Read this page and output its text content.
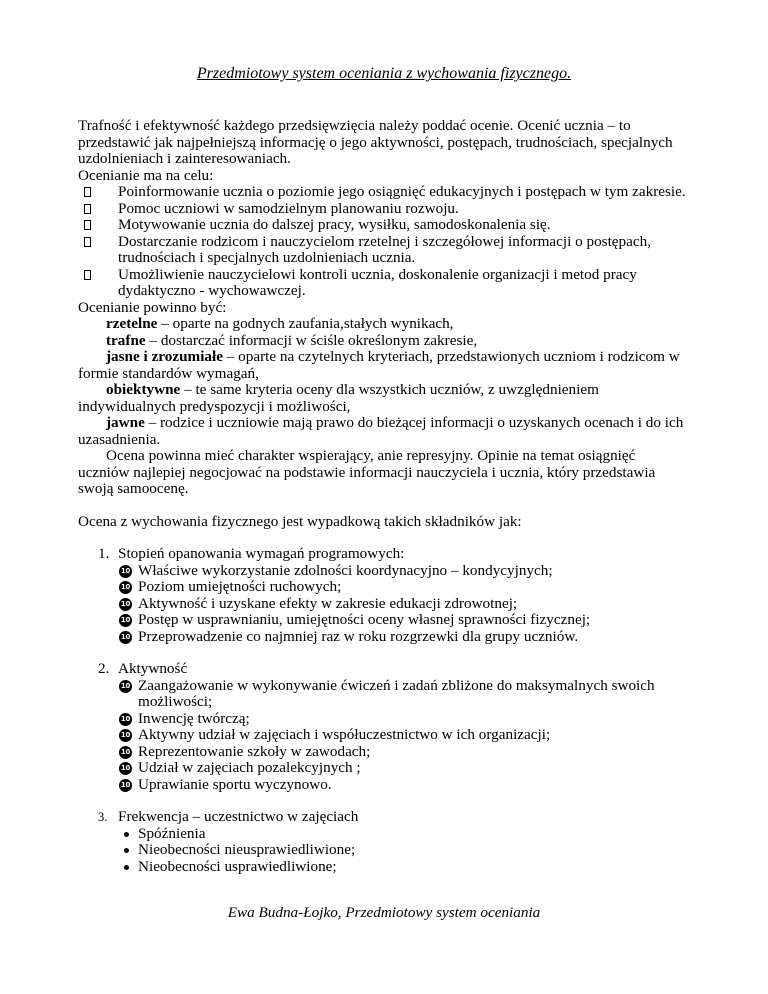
Przedmiotowy system oceniania z wychowania fizycznego.

Trafność i efektywność każdego przedsięwzięcia należy poddać ocenie. Ocenić ucznia – to przedstawić jak najpełniejszą informację o jego aktywności, postępach, trudnościach, specjalnych uzdolnieniach i zainteresowaniach.

Ocenianie ma na celu:

Poinformowanie ucznia o poziomie jego osiągnięć edukacyjnych i postępach w tym zakresie.
Pomoc uczniowi w samodzielnym planowaniu rozwoju.
Motywowanie ucznia do dalszej pracy, wysiłku, samodoskonalenia się.
Dostarczanie rodzicom i nauczycielom rzetelnej i szczegółowej informacji o postępach, trudnościach i specjalnych uzdolnieniach ucznia.
Umożliwienie nauczycielowi kontroli ucznia, doskonalenie organizacji i metod pracy dydaktyczno - wychowawczej.

Ocenianie powinno być:

rzetelne – oparte na godnych zaufania,stałych wynikach,

trafne – dostarczać informacji w ściśle określonym zakresie,

jasne i zrozumiałe – oparte na czytelnych kryteriach, przedstawionych uczniom i rodzicom w formie standardów wymagań,

obiektywne – te same kryteria oceny dla wszystkich uczniów, z uwzględnieniem indywidualnych predyspozycji i możliwości,

jawne – rodzice i uczniowie mają prawo do bieżącej informacji o uzyskanych ocenach i do ich uzasadnienia.

Ocena powinna mieć charakter wspierający, anie represyjny. Opinie na temat osiągnięć uczniów najlepiej negocjować na podstawie informacji nauczyciela i ucznia, który przedstawia swoją samoocenę.

Ocena z wychowania fizycznego jest wypadkową takich składników jak:

1. Stopień opanowania wymagań programowych:
10 Właściwe wykorzystanie zdolności koordynacyjno – kondycyjnych;
10 Poziom umiejętności ruchowych;
10 Aktywność i uzyskane efekty w zakresie edukacji zdrowotnej;
10 Postęp w usprawnianiu, umiejętności oceny własnej sprawności fizycznej;
10 Przeprowadzenie co najmniej raz w roku rozgrzewki dla grupy uczniów.
2. Aktywność
10 Zaangażowanie w wykonywanie ćwiczeń i zadań zbliżone do maksymalnych swoich możliwości;
10 Inwencję twórczą;
10 Aktywny udział w zajęciach i współuczestnictwo w ich organizacji;
10 Reprezentowanie szkoły w zawodach;
10 Udział w zajęciach pozalekcyjnych ;
10 Uprawianie sportu wyczynowo.
3. Frekwencja – uczestnictwo w zajęciach
Spóźnienia
Nieobecności nieusprawiedliwione;
Nieobecności usprawiedliwione;
Ewa Budna-Łojko, Przedmiotowy system oceniania
